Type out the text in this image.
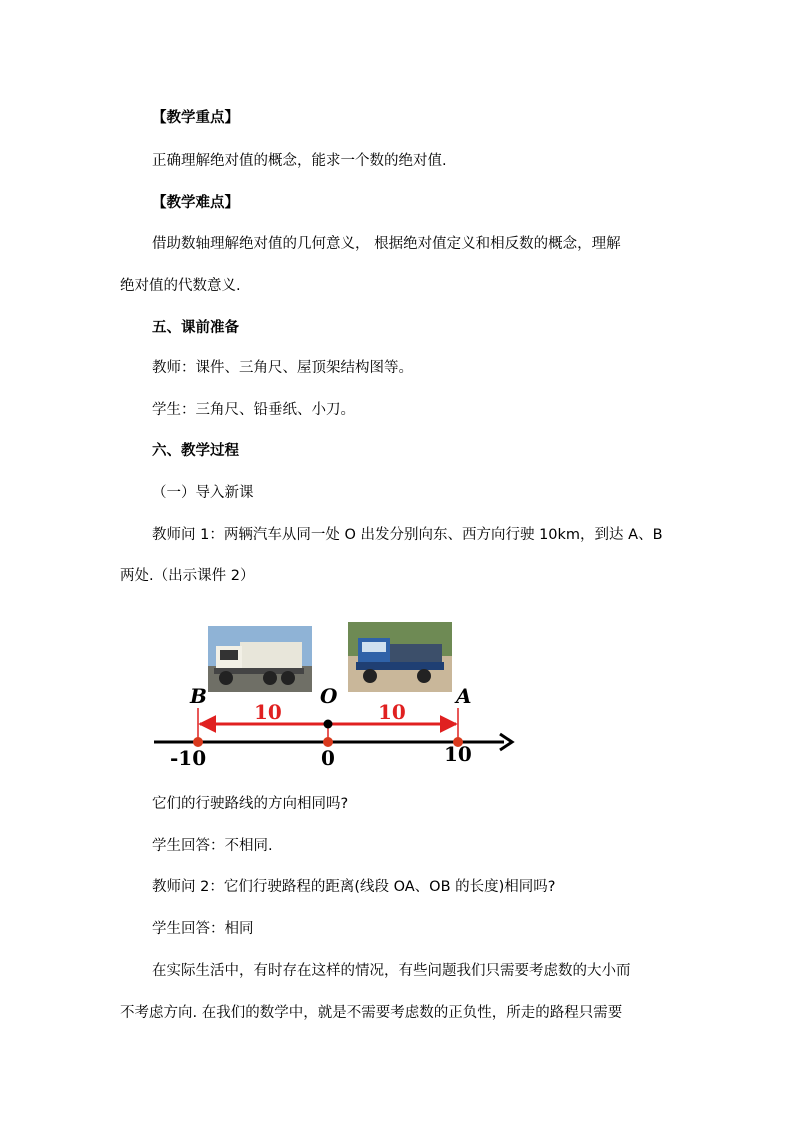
【教学重点】
正确理解绝对值的概念，能求一个数的绝对值.
【教学难点】
借助数轴理解绝对值的几何意义， 根据绝对值定义和相反数的概念，理解
绝对值的代数意义.
五、课前准备
教师：课件、三角尺、屋顶架结构图等。
学生：三角尺、铅垂纸、小刀。
六、教学过程
（一）导入新课
教师问 1：两辆汽车从同一处 O 出发分别向东、西方向行驶 10km，到达 A、B
两处.（出示课件 2）
B	O	A
10	10
-10	0	10
它们的行驶路线的方向相同吗?
学生回答：不相同.
教师问 2：它们行驶路程的距离(线段 OA、OB 的长度)相同吗?
学生回答：相同
在实际生活中，有时存在这样的情况，有些问题我们只需要考虑数的大小而
不考虑方向. 在我们的数学中，就是不需要考虑数的正负性，所走的路程只需要
